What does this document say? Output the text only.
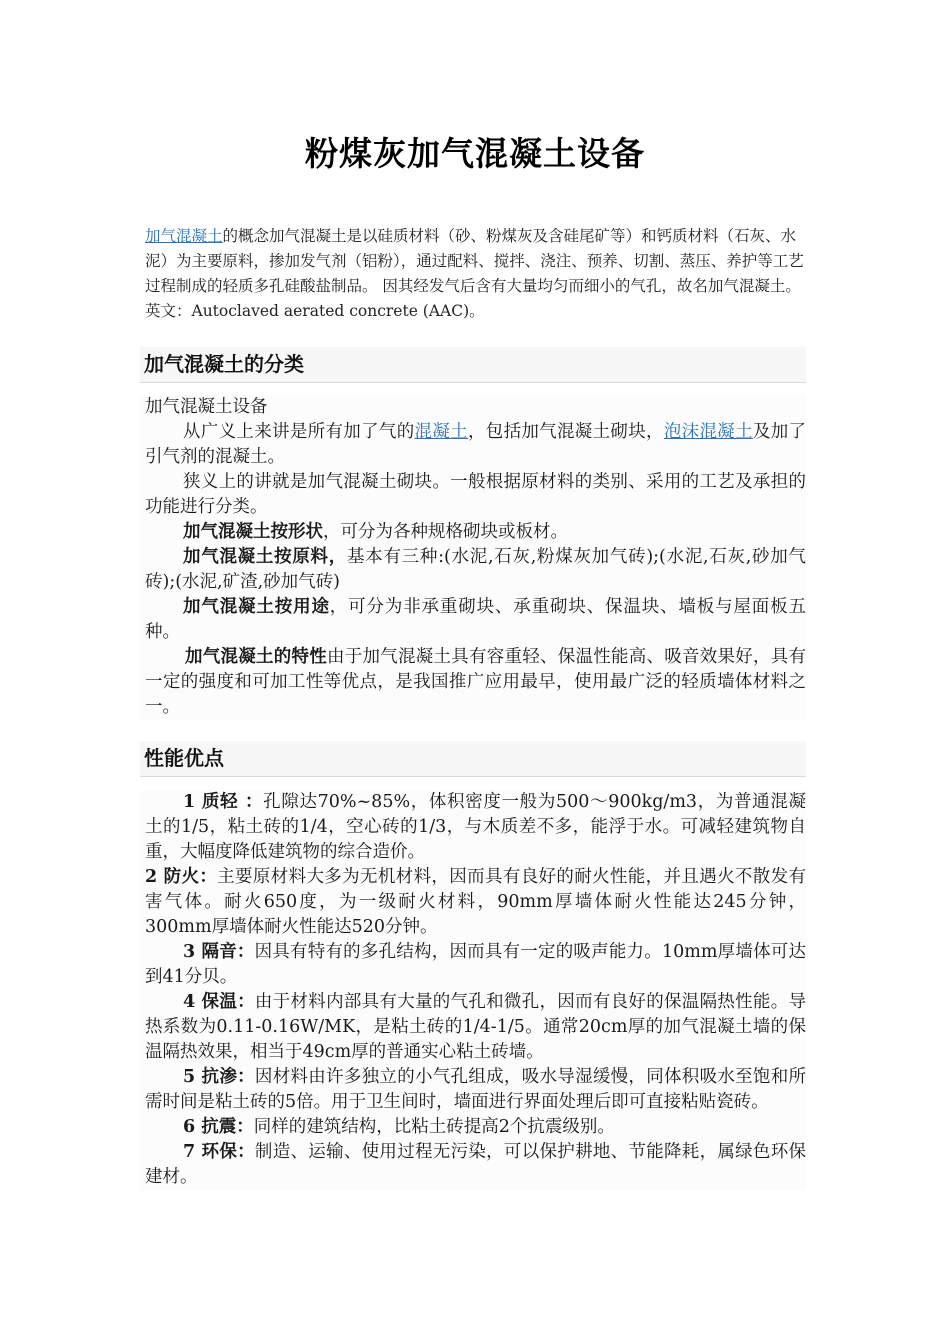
粉煤灰加气混凝土设备

加气混凝土的概念加气混凝土是以硅质材料（砂、粉煤灰及含硅尾矿等）和钙质材料（石灰、水泥）为主要原料，掺加发气剂（铝粉），通过配料、搅拌、浇注、预养、切割、蒸压、养护等工艺过程制成的轻质多孔硅酸盐制品。 因其经发气后含有大量均匀而细小的气孔，故名加气混凝土。英文：Autoclaved aerated concrete (AAC)。

加气混凝土的分类

加气混凝土设备

从广义上来讲是所有加了气的混凝土，包括加气混凝土砌块，泡沫混凝土及加了引气剂的混凝土。

狭义上的讲就是加气混凝土砌块。一般根据原材料的类别、采用的工艺及承担的功能进行分类。

加气混凝土按形状，可分为各种规格砌块或板材。

加气混凝土按原料，基本有三种:(水泥,石灰,粉煤灰加气砖);(水泥,石灰,砂加气砖);(水泥,矿渣,砂加气砖)

加气混凝土按用途，可分为非承重砌块、承重砌块、保温块、墙板与屋面板五种。

加气混凝土的特性由于加气混凝土具有容重轻、保温性能高、吸音效果好，具有一定的强度和可加工性等优点，是我国推广应用最早，使用最广泛的轻质墙体材料之一。

性能优点

1 质轻 ：孔隙达70%~85%，体积密度一般为500～900kg/m3，为普通混凝土的1/5，粘土砖的1/4，空心砖的1/3，与木质差不多，能浮于水。可减轻建筑物自重，大幅度降低建筑物的综合造价。

2 防火：主要原材料大多为无机材料，因而具有良好的耐火性能，并且遇火不散发有害气体。耐火650度，为一级耐火材料，90mm厚墙体耐火性能达245分钟，300mm厚墙体耐火性能达520分钟。

3 隔音：因具有特有的多孔结构，因而具有一定的吸声能力。10mm厚墙体可达到41分贝。

4 保温：由于材料内部具有大量的气孔和微孔，因而有良好的保温隔热性能。导热系数为0.11-0.16W/MK，是粘土砖的1/4-1/5。通常20cm厚的加气混凝土墙的保温隔热效果，相当于49cm厚的普通实心粘土砖墙。

5 抗渗：因材料由许多独立的小气孔组成，吸水导湿缓慢，同体积吸水至饱和所需时间是粘土砖的5倍。用于卫生间时，墙面进行界面处理后即可直接粘贴瓷砖。

6 抗震：同样的建筑结构，比粘土砖提高2个抗震级别。

7 环保：制造、运输、使用过程无污染，可以保护耕地、节能降耗，属绿色环保建材。
